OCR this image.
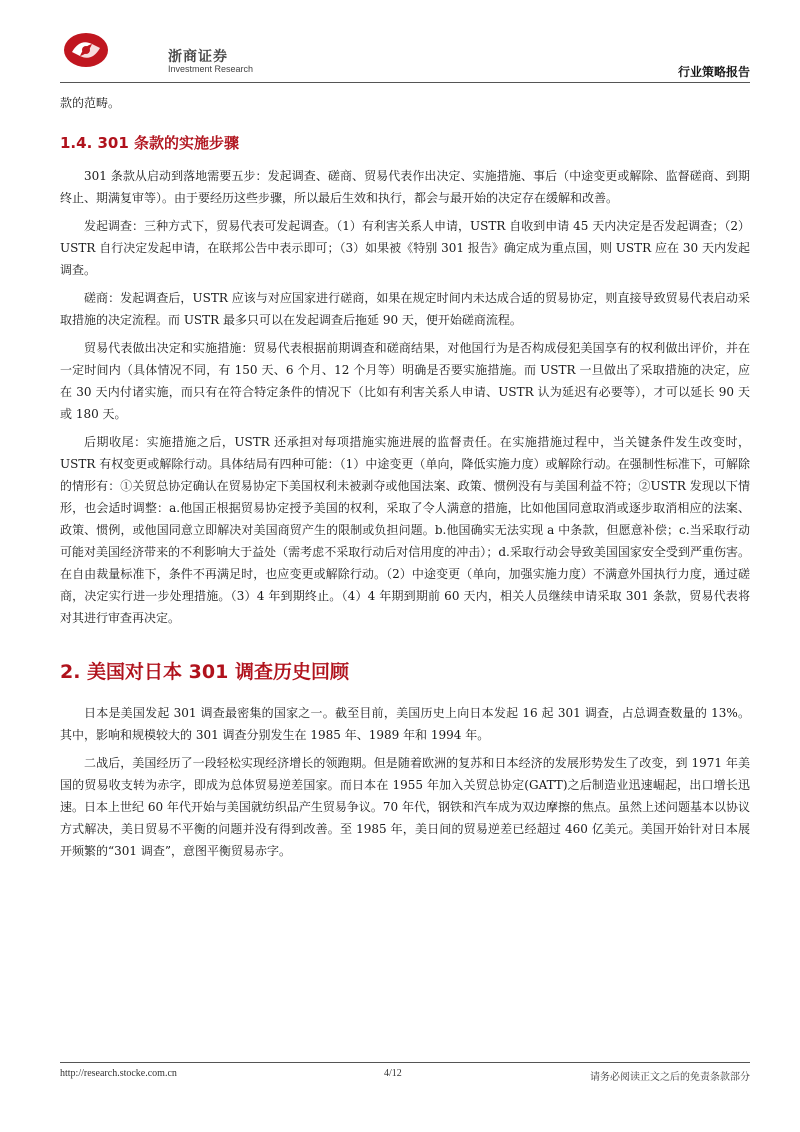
浙商证券
Investment Research	行业策略报告

款的范畴。

1.4. 301 条款的实施步骤

301 条款从启动到落地需要五步：发起调查、磋商、贸易代表作出决定、实施措施、事后（中途变更或解除、监督磋商、到期终止、期满复审等）。由于要经历这些步骤，所以最后生效和执行，都会与最开始的决定存在缓解和改善。

发起调查：三种方式下，贸易代表可发起调查。（1）有利害关系人申请，USTR 自收到申请 45 天内决定是否发起调查；（2）USTR 自行决定发起申请，在联邦公告中表示即可；（3）如果被《特别 301 报告》确定成为重点国，则 USTR 应在 30 天内发起调查。

磋商：发起调查后，USTR 应该与对应国家进行磋商，如果在规定时间内未达成合适的贸易协定，则直接导致贸易代表启动采取措施的决定流程。而 USTR 最多只可以在发起调查后拖延 90 天，便开始磋商流程。

贸易代表做出决定和实施措施：贸易代表根据前期调查和磋商结果，对他国行为是否构成侵犯美国享有的权利做出评价，并在一定时间内（具体情况不同，有 150 天、6 个月、12 个月等）明确是否要实施措施。而 USTR 一旦做出了采取措施的决定，应在 30 天内付诸实施，而只有在符合特定条件的情况下（比如有利害关系人申请、USTR 认为延迟有必要等），才可以延长 90 天或 180 天。

后期收尾：实施措施之后，USTR 还承担对每项措施实施进展的监督责任。在实施措施过程中，当关键条件发生改变时，USTR 有权变更或解除行动。具体结局有四种可能：（1）中途变更（单向，降低实施力度）或解除行动。在强制性标准下，可解除的情形有：①关贸总协定确认在贸易协定下美国权利未被剥夺或他国法案、政策、惯例没有与美国利益不符；②USTR 发现以下情形，也会适时调整：a.他国正根据贸易协定授予美国的权利，采取了令人满意的措施，比如他国同意取消或逐步取消相应的法案、政策、惯例，或他国同意立即解决对美国商贸产生的限制或负担问题。b.他国确实无法实现 a 中条款，但愿意补偿；c.当采取行动可能对美国经济带来的不利影响大于益处（需考虑不采取行动后对信用度的冲击）；d.采取行动会导致美国国家安全受到严重伤害。在自由裁量标准下，条件不再满足时，也应变更或解除行动。（2）中途变更（单向，加强实施力度）不满意外国执行力度，通过磋商，决定实行进一步处理措施。（3）4 年到期终止。（4）4 年期到期前 60 天内，相关人员继续申请采取 301 条款，贸易代表将对其进行审查再决定。

2. 美国对日本 301 调查历史回顾

日本是美国发起 301 调查最密集的国家之一。截至目前，美国历史上向日本发起 16 起 301 调查，占总调查数量的 13%。其中，影响和规模较大的 301 调查分别发生在 1985 年、1989 年和 1994 年。

二战后，美国经历了一段轻松实现经济增长的领跑期。但是随着欧洲的复苏和日本经济的发展形势发生了改变，到 1971 年美国的贸易收支转为赤字，即成为总体贸易逆差国家。而日本在 1955 年加入关贸总协定(GATT)之后制造业迅速崛起，出口增长迅速。日本上世纪 60 年代开始与美国就纺织品产生贸易争议。70 年代，钢铁和汽车成为双边摩擦的焦点。虽然上述问题基本以协议方式解决，美日贸易不平衡的问题并没有得到改善。至 1985 年，美日间的贸易逆差已经超过 460 亿美元。美国开始针对日本展开频繁的“301 调查”，意图平衡贸易赤字。

http://research.stocke.com.cn	4/12	请务必阅读正文之后的免责条款部分
